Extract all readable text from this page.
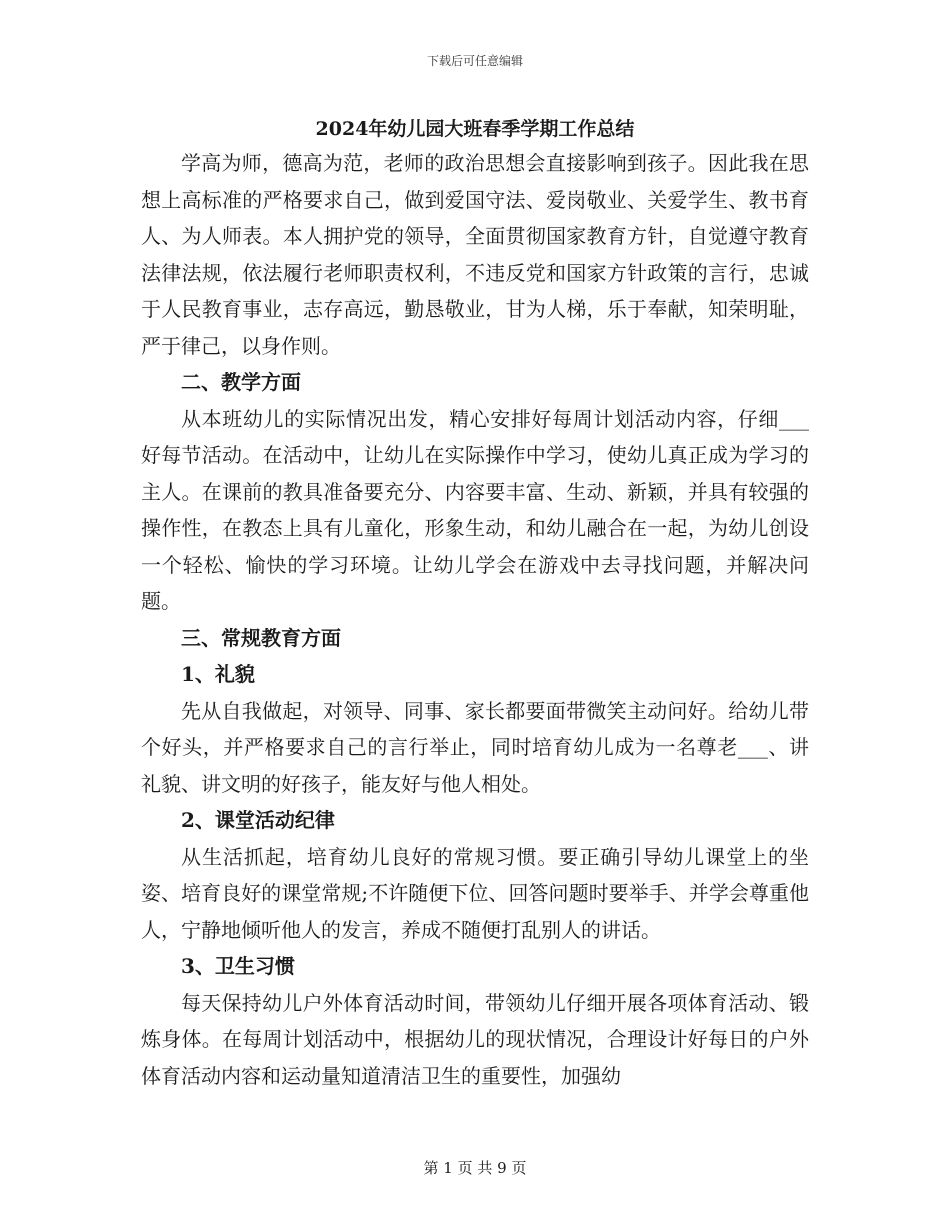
下载后可任意编辑
2024年幼儿园大班春季学期工作总结

学高为师，德高为范，老师的政治思想会直接影响到孩子。因此我在思想上高标准的严格要求自己，做到爱国守法、爱岗敬业、关爱学生、教书育人、为人师表。本人拥护党的领导，全面贯彻国家教育方针，自觉遵守教育法律法规，依法履行老师职责权利，不违反党和国家方针政策的言行，忠诚于人民教育事业，志存高远，勤恳敬业，甘为人梯，乐于奉献，知荣明耻，严于律己，以身作则。

二、教学方面

从本班幼儿的实际情况出发，精心安排好每周计划活动内容，仔细___好每节活动。在活动中，让幼儿在实际操作中学习，使幼儿真正成为学习的主人。在课前的教具准备要充分、内容要丰富、生动、新颖，并具有较强的操作性，在教态上具有儿童化，形象生动，和幼儿融合在一起，为幼儿创设一个轻松、愉快的学习环境。让幼儿学会在游戏中去寻找问题，并解决问题。

三、常规教育方面

1、礼貌

先从自我做起，对领导、同事、家长都要面带微笑主动问好。给幼儿带个好头，并严格要求自己的言行举止，同时培育幼儿成为一名尊老___、讲礼貌、讲文明的好孩子，能友好与他人相处。

2、课堂活动纪律

从生活抓起，培育幼儿良好的常规习惯。要正确引导幼儿课堂上的坐姿、培育良好的课堂常规;不许随便下位、回答问题时要举手、并学会尊重他人，宁静地倾听他人的发言，养成不随便打乱别人的讲话。

3、卫生习惯

每天保持幼儿户外体育活动时间，带领幼儿仔细开展各项体育活动、锻炼身体。在每周计划活动中，根据幼儿的现状情况，合理设计好每日的户外体育活动内容和运动量知道清洁卫生的重要性，加强幼

第 1 页 共 9 页
